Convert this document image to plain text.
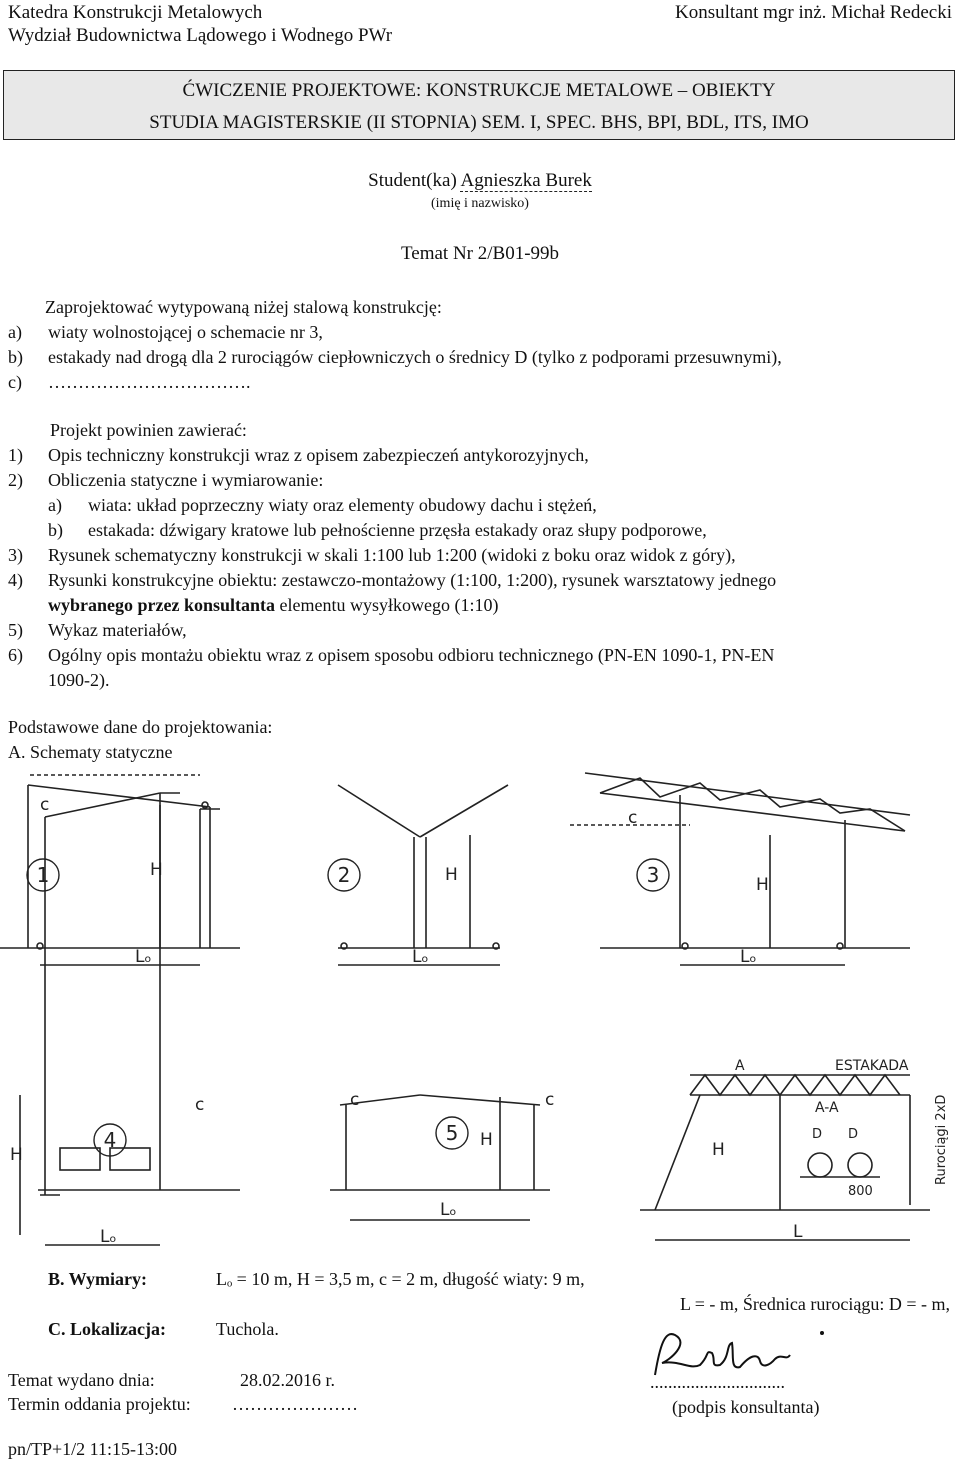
Katedra Konstrukcji Metalowych
Wydział Budownictwa Lądowego i Wodnego PWr
Konsultant mgr inż. Michał Redecki
ĆWICZENIE PROJEKTOWE: KONSTRUKCJE METALOWE – OBIEKTY
STUDIA MAGISTERSKIE (II STOPNIA) SEM. I, SPEC. BHS, BPI, BDL, ITS, IMO
Student(ka) Agnieszka Burek
(imię i nazwisko)
Temat Nr 2/B01-99b
Zaprojektować wytypowaną niżej stalową konstrukcję:
a) wiaty wolnostojącej o schemacie nr 3,
b) estakady nad drogą dla 2 rurociągów ciepłowniczych o średnicy D (tylko z podporami przesuwnymi),
c) …………………………….
Projekt powinien zawierać:
1) Opis techniczny konstrukcji wraz z opisem zabezpieczeń antykorozyjnych,
2) Obliczenia statyczne i wymiarowanie:
a) wiata: układ poprzeczny wiaty oraz elementy obudowy dachu i stężeń,
b) estakada: dźwigary kratowe lub pełnościenne przęsła estakady oraz słupy podporowe,
3) Rysunek schematyczny konstrukcji w skali 1:100 lub 1:200 (widoki z boku oraz widok z góry),
4) Rysunki konstrukcyjne obiektu: zestawczo-montażowy (1:100, 1:200), rysunek warsztatowy jednego
wybranego przez konsultanta elementu wysyłkowego (1:10)
5) Wykaz materiałów,
6) Ogólny opis montażu obiektu wraz z opisem sposobu odbioru technicznego (PN-EN 1090-1, PN-EN
1090-2).
Podstawowe dane do projektowania:
A. Schematy statyczne
c
H
Lₒ
H
Lₒ
c
H
Lₒ
c
H
Lₒ
c	c
H
Lₒ
H
L
ESTAKADA
A
A-A
D D
800
Rurociągi 2xD
1	2	3
4	5
B. Wymiary:	Lₒ = 10 m, H = 3,5 m, c = 2 m, długość wiaty: 9 m,
L = - m, Średnica rurociągu: D = - m,
C. Lokalizacja:	Tuchola.
Temat wydano dnia:	28.02.2016 r.	..............................
Termin oddania projektu: …………………	(podpis konsultanta)
pn/TP+1/2 11:15-13:00
